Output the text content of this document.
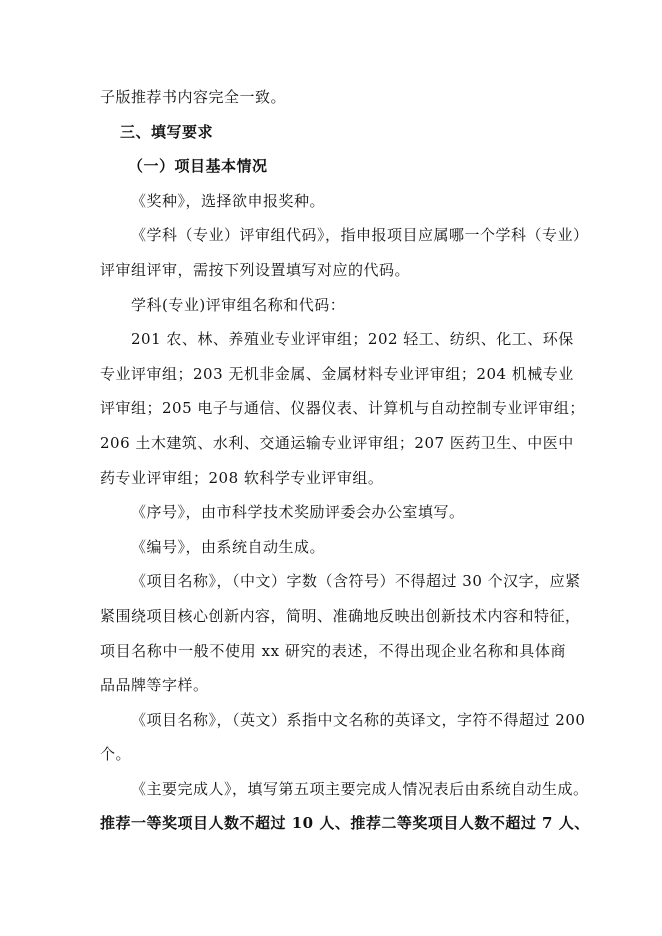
子版推荐书内容完全一致。
三、填写要求
（一）项目基本情况
《奖种》，选择欲申报奖种。
《学科（专业）评审组代码》，指申报项目应属哪一个学科（专业）
评审组评审，需按下列设置填写对应的代码。
学科(专业)评审组名称和代码：
201 农、林、养殖业专业评审组；202 轻工、纺织、化工、环保
专业评审组；203 无机非金属、金属材料专业评审组；204 机械专业
评审组；205 电子与通信、仪器仪表、计算机与自动控制专业评审组；
206 土木建筑、水利、交通运输专业评审组；207 医药卫生、中医中
药专业评审组；208 软科学专业评审组。
《序号》，由市科学技术奖励评委会办公室填写。
《编号》，由系统自动生成。
《项目名称》，（中文）字数（含符号）不得超过 30 个汉字，应紧
紧围绕项目核心创新内容，简明、准确地反映出创新技术内容和特征，
项目名称中一般不使用 xx 研究的表述，不得出现企业名称和具体商
品品牌等字样。
《项目名称》，（英文）系指中文名称的英译文，字符不得超过 200
个。
《主要完成人》，填写第五项主要完成人情况表后由系统自动生成。
推荐一等奖项目人数不超过 10 人、推荐二等奖项目人数不超过 7 人、
